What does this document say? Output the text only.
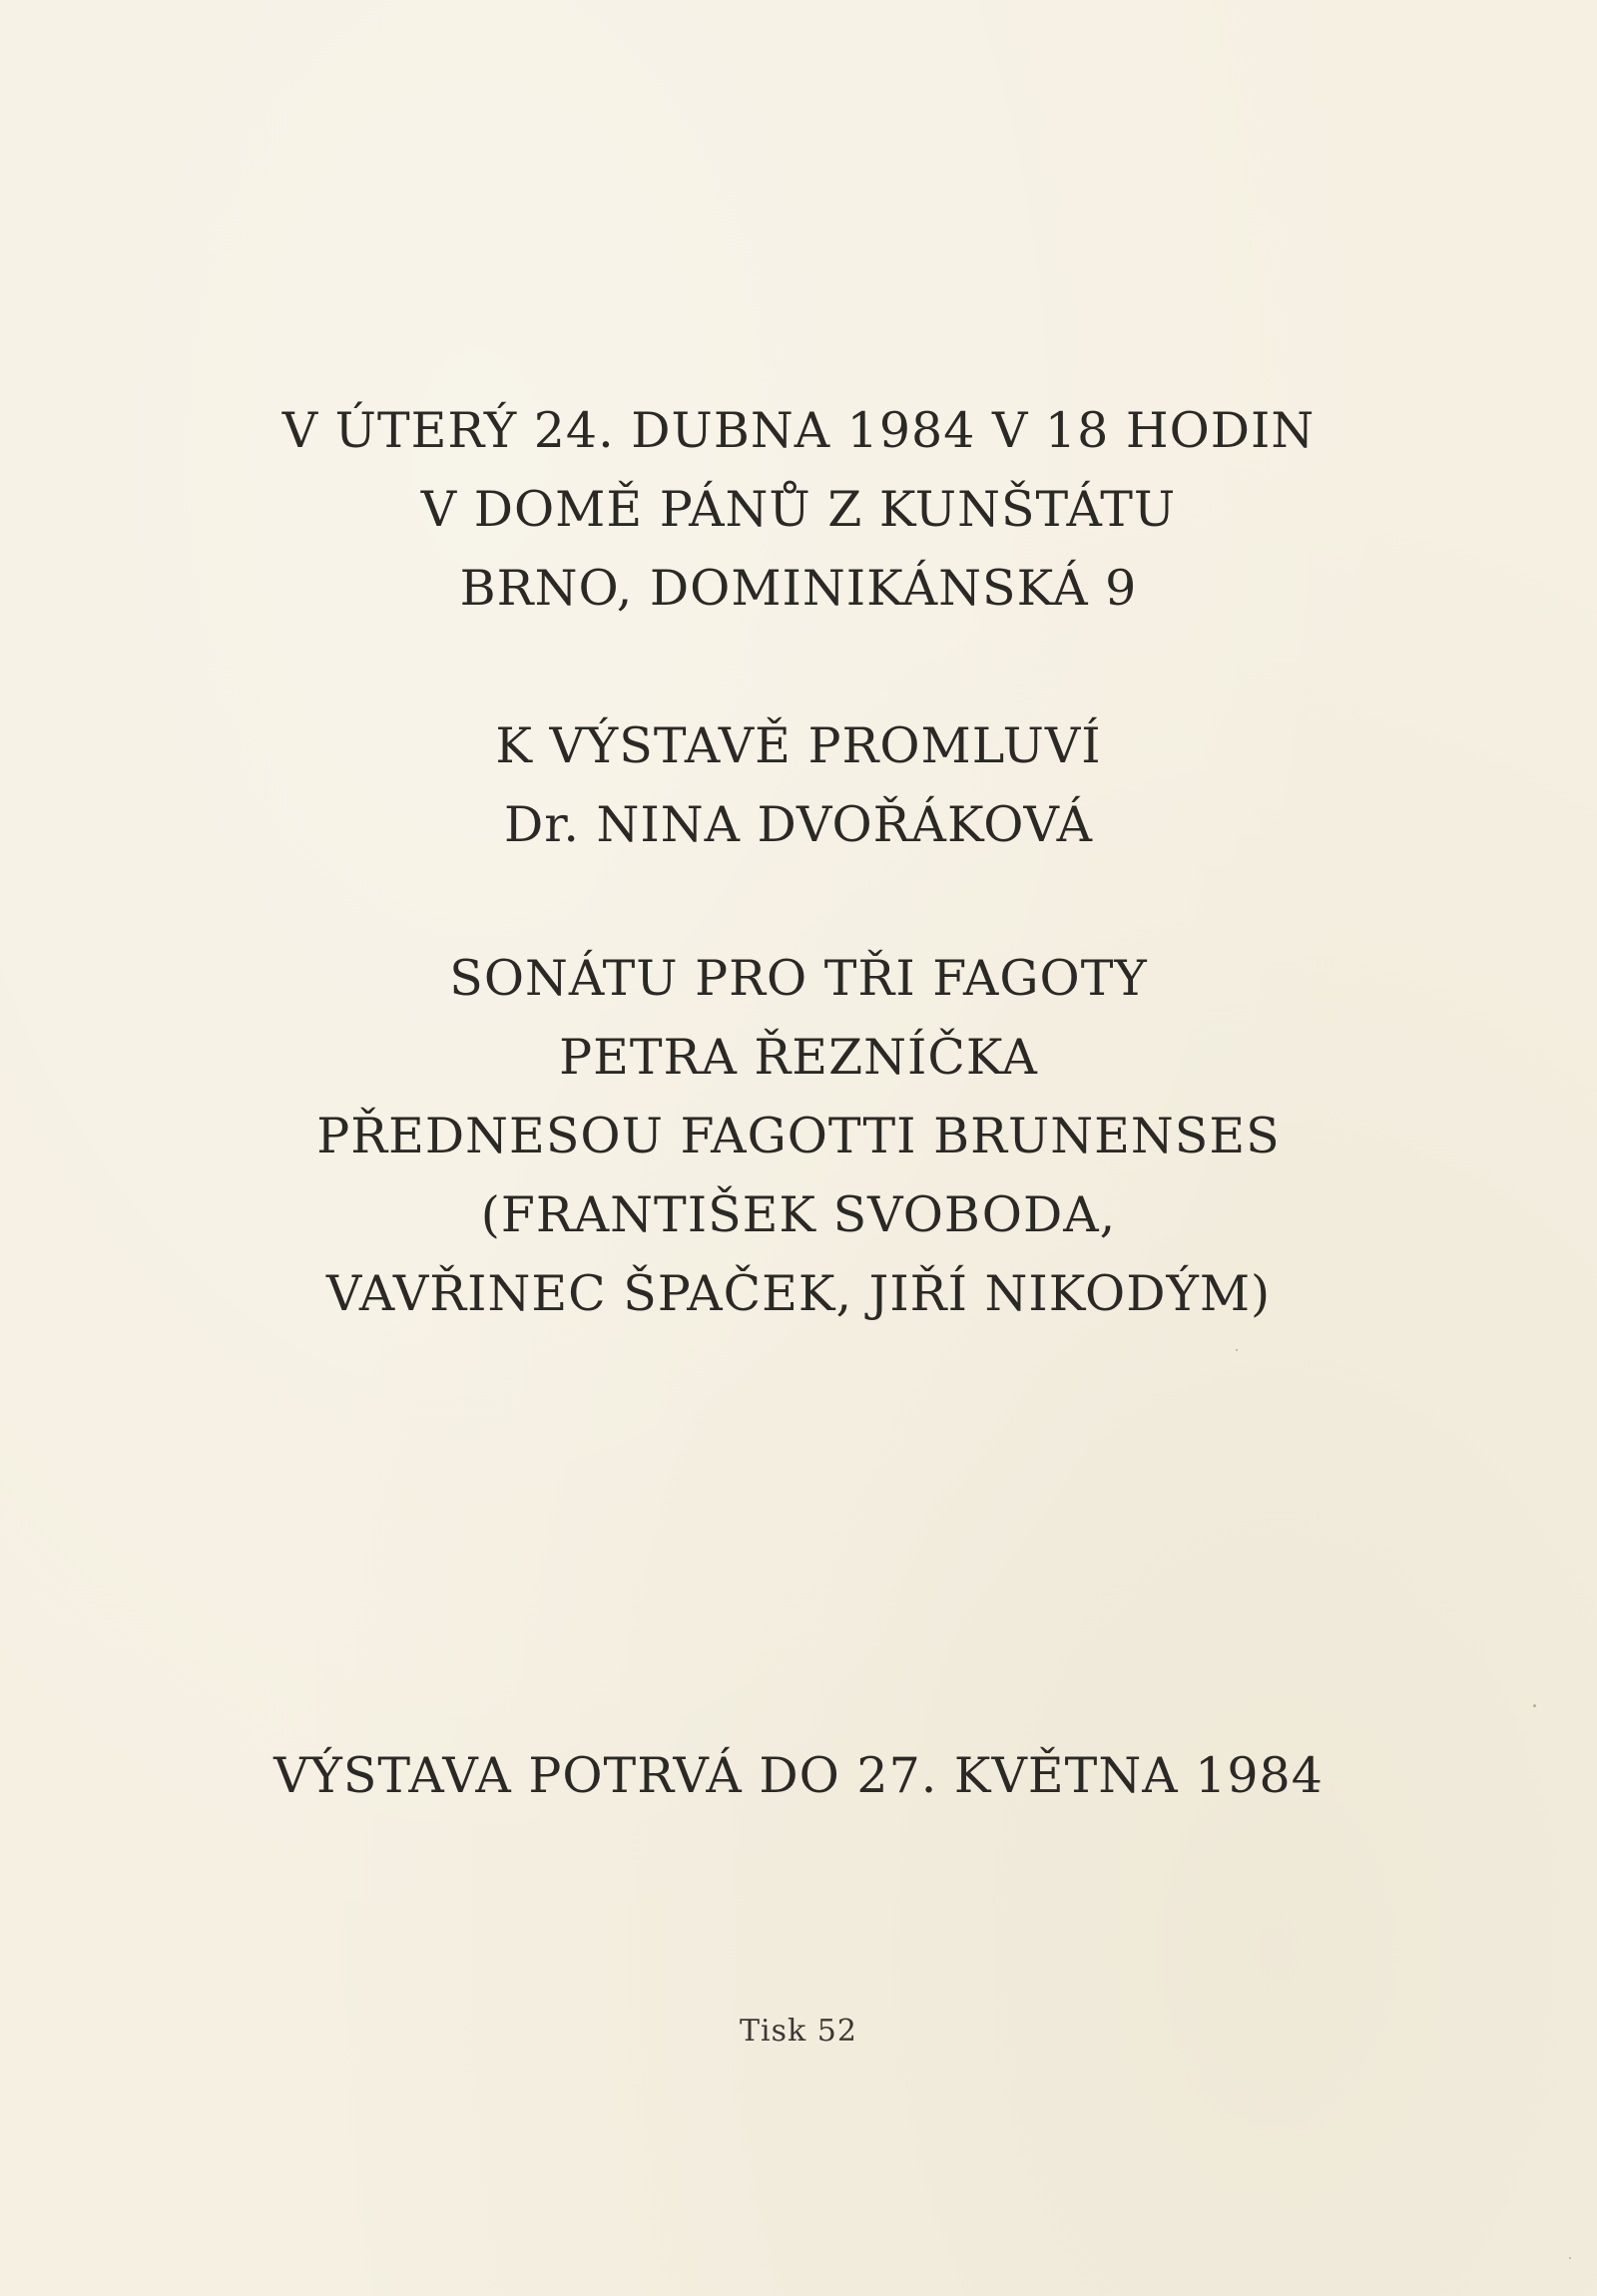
V ÚTERÝ 24. DUBNA 1984 V 18 HODIN
V DOMĚ PÁNŮ Z KUNŠTÁTU
BRNO, DOMINIKÁNSKÁ 9
K VÝSTAVĚ PROMLUVÍ
Dr. NINA DVOŘÁKOVÁ
SONÁTU PRO TŘI FAGOTY
PETRA ŘEZNÍČKA
PŘEDNESOU FAGOTTI BRUNENSES
(FRANTIŠEK SVOBODA,
VAVŘINEC ŠPAČEK, JIŘÍ NIKODÝM)
VÝSTAVA POTRVÁ DO 27. KVĚTNA 1984
Tisk 52
